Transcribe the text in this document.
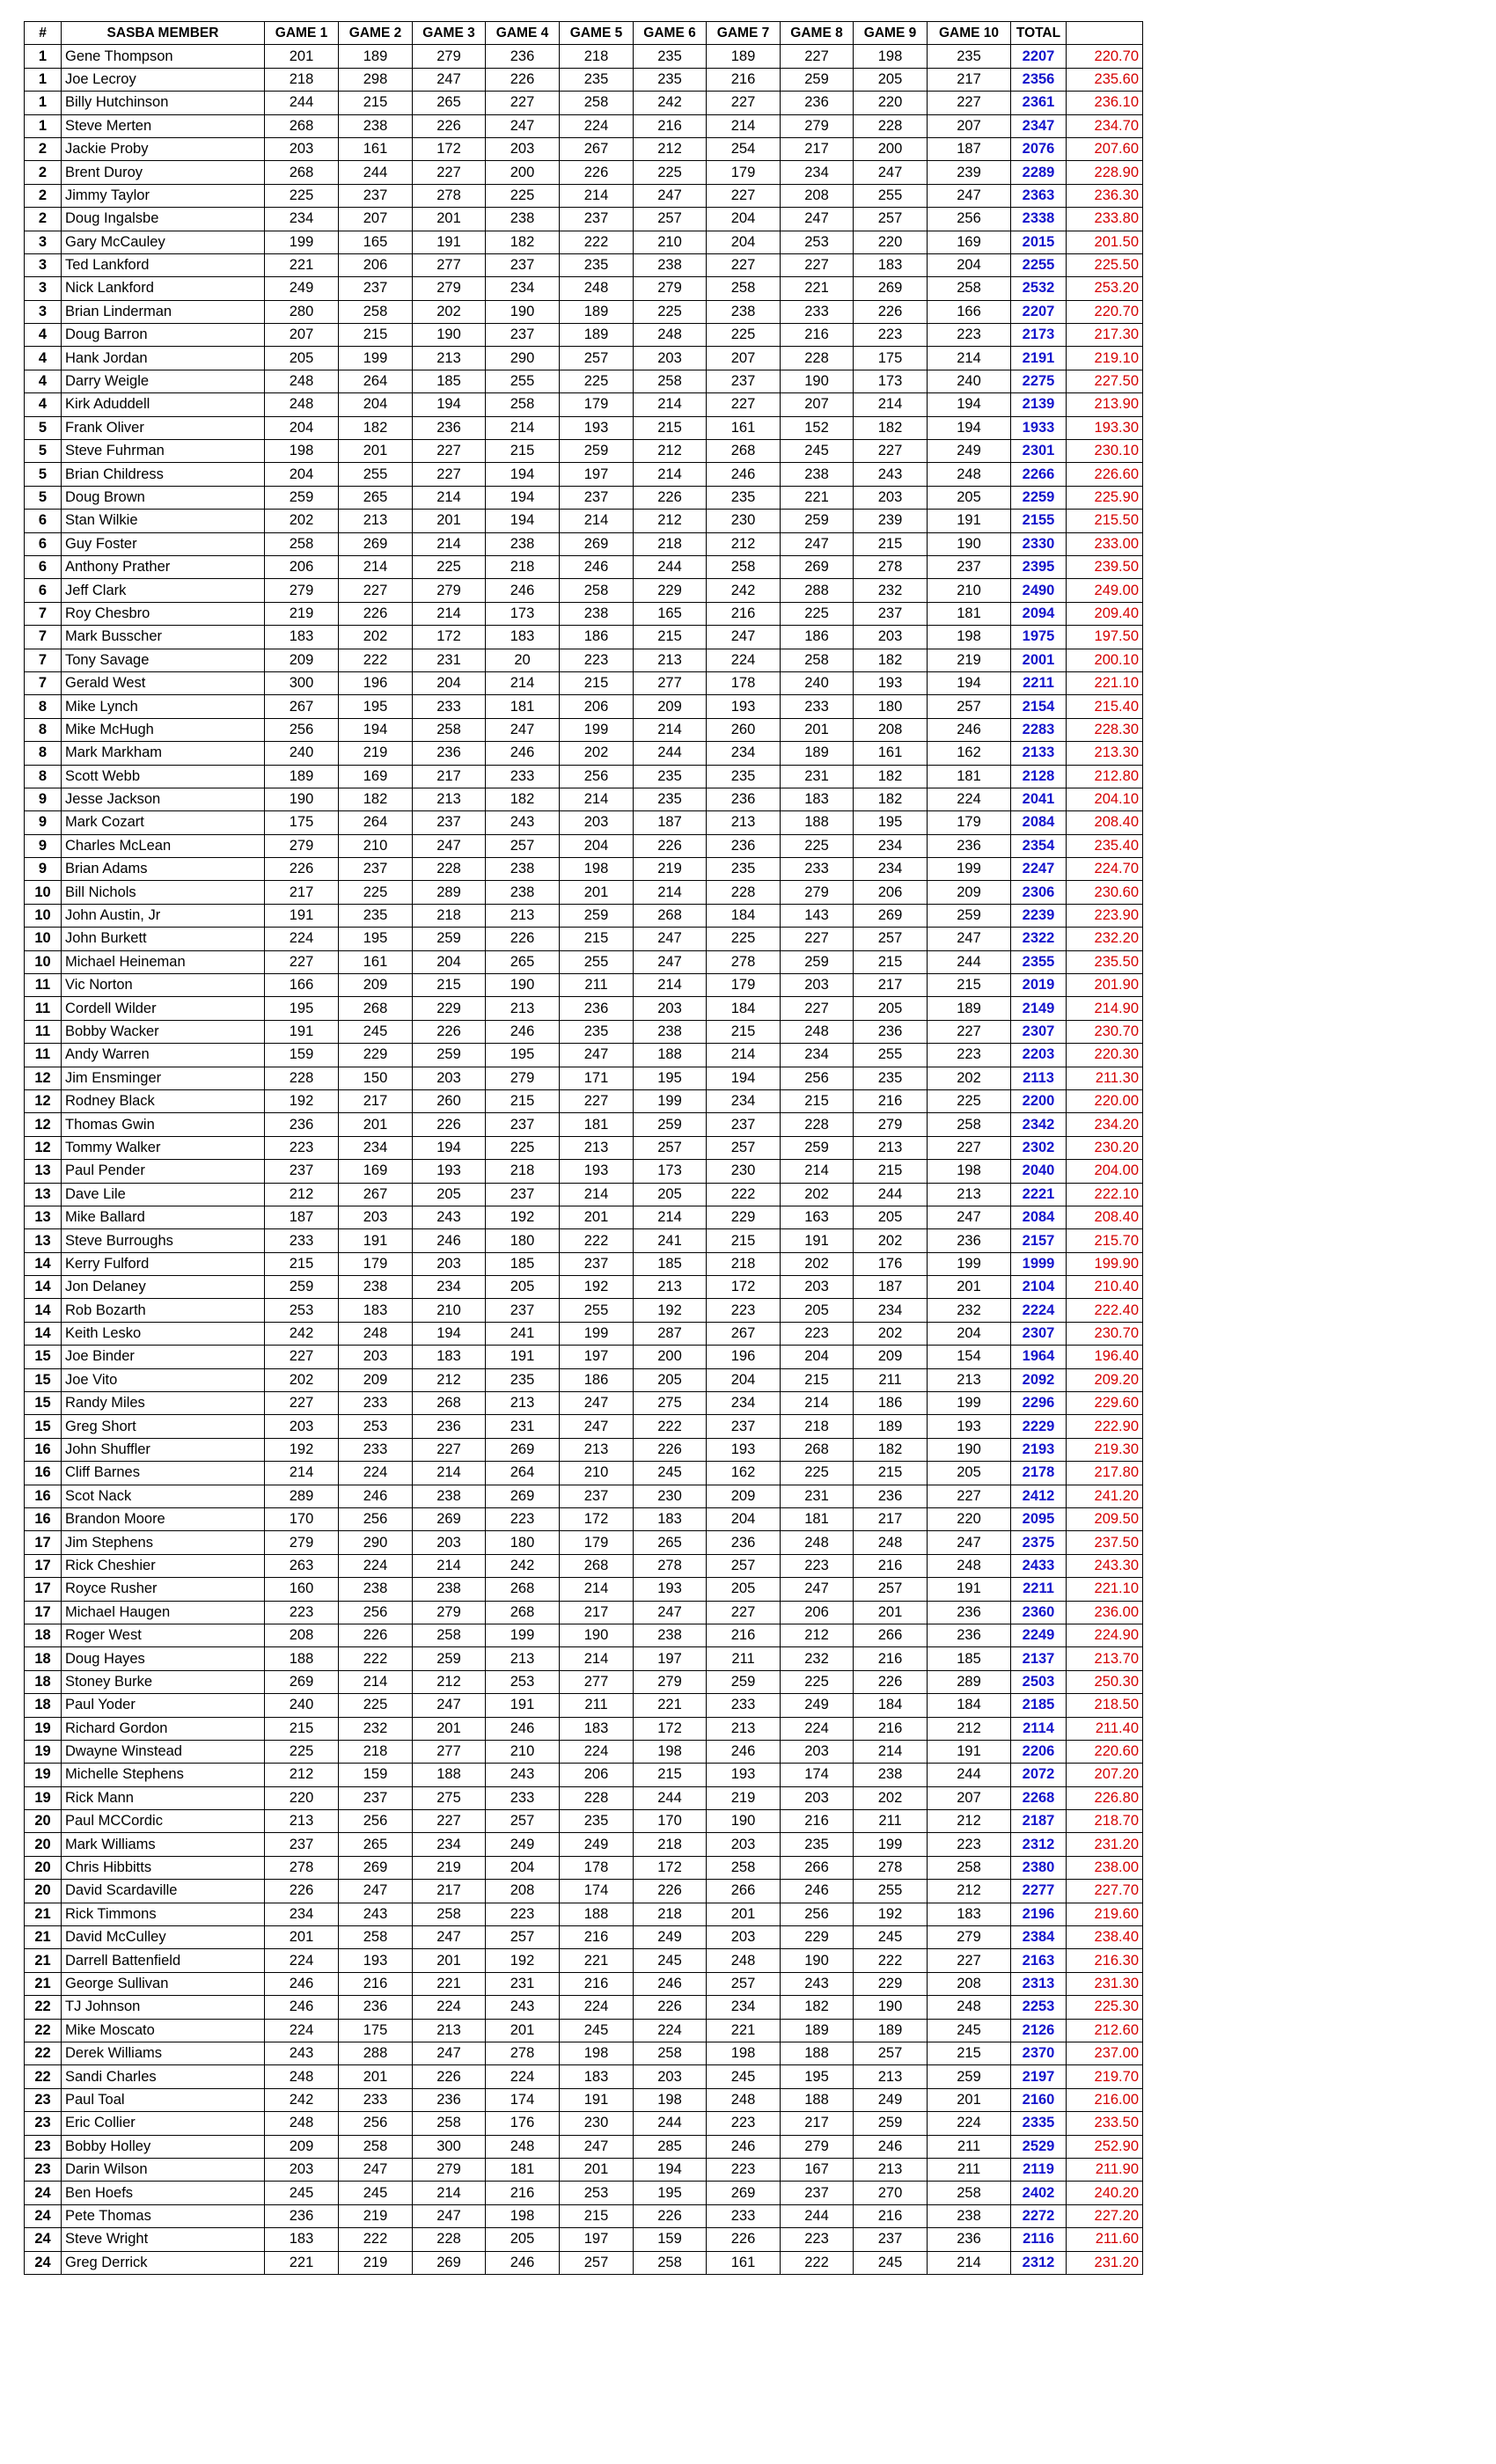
#	SASBA MEMBER	GAME 1	GAME 2	GAME 3	GAME 4	GAME 5	GAME 6	GAME 7	GAME 8	GAME 9	GAME 10	TOTAL	
1	Gene Thompson	201	189	279	236	218	235	189	227	198	235	2207	220.70
1	Joe Lecroy	218	298	247	226	235	235	216	259	205	217	2356	235.60
1	Billy Hutchinson	244	215	265	227	258	242	227	236	220	227	2361	236.10
1	Steve Merten	268	238	226	247	224	216	214	279	228	207	2347	234.70
2	Jackie Proby	203	161	172	203	267	212	254	217	200	187	2076	207.60
2	Brent Duroy	268	244	227	200	226	225	179	234	247	239	2289	228.90
2	Jimmy Taylor	225	237	278	225	214	247	227	208	255	247	2363	236.30
2	Doug Ingalsbe	234	207	201	238	237	257	204	247	257	256	2338	233.80
3	Gary McCauley	199	165	191	182	222	210	204	253	220	169	2015	201.50
3	Ted Lankford	221	206	277	237	235	238	227	227	183	204	2255	225.50
3	Nick Lankford	249	237	279	234	248	279	258	221	269	258	2532	253.20
3	Brian Linderman	280	258	202	190	189	225	238	233	226	166	2207	220.70
4	Doug Barron	207	215	190	237	189	248	225	216	223	223	2173	217.30
4	Hank Jordan	205	199	213	290	257	203	207	228	175	214	2191	219.10
4	Darry Weigle	248	264	185	255	225	258	237	190	173	240	2275	227.50
4	Kirk Aduddell	248	204	194	258	179	214	227	207	214	194	2139	213.90
5	Frank Oliver	204	182	236	214	193	215	161	152	182	194	1933	193.30
5	Steve Fuhrman	198	201	227	215	259	212	268	245	227	249	2301	230.10
5	Brian Childress	204	255	227	194	197	214	246	238	243	248	2266	226.60
5	Doug Brown	259	265	214	194	237	226	235	221	203	205	2259	225.90
6	Stan Wilkie	202	213	201	194	214	212	230	259	239	191	2155	215.50
6	Guy Foster	258	269	214	238	269	218	212	247	215	190	2330	233.00
6	Anthony Prather	206	214	225	218	246	244	258	269	278	237	2395	239.50
6	Jeff Clark	279	227	279	246	258	229	242	288	232	210	2490	249.00
7	Roy Chesbro	219	226	214	173	238	165	216	225	237	181	2094	209.40
7	Mark Busscher	183	202	172	183	186	215	247	186	203	198	1975	197.50
7	Tony Savage	209	222	231	20	223	213	224	258	182	219	2001	200.10
7	Gerald West	300	196	204	214	215	277	178	240	193	194	2211	221.10
8	Mike Lynch	267	195	233	181	206	209	193	233	180	257	2154	215.40
8	Mike McHugh	256	194	258	247	199	214	260	201	208	246	2283	228.30
8	Mark Markham	240	219	236	246	202	244	234	189	161	162	2133	213.30
8	Scott Webb	189	169	217	233	256	235	235	231	182	181	2128	212.80
9	Jesse Jackson	190	182	213	182	214	235	236	183	182	224	2041	204.10
9	Mark Cozart	175	264	237	243	203	187	213	188	195	179	2084	208.40
9	Charles McLean	279	210	247	257	204	226	236	225	234	236	2354	235.40
9	Brian Adams	226	237	228	238	198	219	235	233	234	199	2247	224.70
10	Bill Nichols	217	225	289	238	201	214	228	279	206	209	2306	230.60
10	John Austin, Jr	191	235	218	213	259	268	184	143	269	259	2239	223.90
10	John Burkett	224	195	259	226	215	247	225	227	257	247	2322	232.20
10	Michael Heineman	227	161	204	265	255	247	278	259	215	244	2355	235.50
11	Vic Norton	166	209	215	190	211	214	179	203	217	215	2019	201.90
11	Cordell Wilder	195	268	229	213	236	203	184	227	205	189	2149	214.90
11	Bobby Wacker	191	245	226	246	235	238	215	248	236	227	2307	230.70
11	Andy Warren	159	229	259	195	247	188	214	234	255	223	2203	220.30
12	Jim Ensminger	228	150	203	279	171	195	194	256	235	202	2113	211.30
12	Rodney Black	192	217	260	215	227	199	234	215	216	225	2200	220.00
12	Thomas Gwin	236	201	226	237	181	259	237	228	279	258	2342	234.20
12	Tommy Walker	223	234	194	225	213	257	257	259	213	227	2302	230.20
13	Paul Pender	237	169	193	218	193	173	230	214	215	198	2040	204.00
13	Dave Lile	212	267	205	237	214	205	222	202	244	213	2221	222.10
13	Mike Ballard	187	203	243	192	201	214	229	163	205	247	2084	208.40
13	Steve Burroughs	233	191	246	180	222	241	215	191	202	236	2157	215.70
14	Kerry Fulford	215	179	203	185	237	185	218	202	176	199	1999	199.90
14	Jon Delaney	259	238	234	205	192	213	172	203	187	201	2104	210.40
14	Rob Bozarth	253	183	210	237	255	192	223	205	234	232	2224	222.40
14	Keith Lesko	242	248	194	241	199	287	267	223	202	204	2307	230.70
15	Joe Binder	227	203	183	191	197	200	196	204	209	154	1964	196.40
15	Joe Vito	202	209	212	235	186	205	204	215	211	213	2092	209.20
15	Randy Miles	227	233	268	213	247	275	234	214	186	199	2296	229.60
15	Greg Short	203	253	236	231	247	222	237	218	189	193	2229	222.90
16	John Shuffler	192	233	227	269	213	226	193	268	182	190	2193	219.30
16	Cliff Barnes	214	224	214	264	210	245	162	225	215	205	2178	217.80
16	Scot Nack	289	246	238	269	237	230	209	231	236	227	2412	241.20
16	Brandon Moore	170	256	269	223	172	183	204	181	217	220	2095	209.50
17	Jim Stephens	279	290	203	180	179	265	236	248	248	247	2375	237.50
17	Rick Cheshier	263	224	214	242	268	278	257	223	216	248	2433	243.30
17	Royce Rusher	160	238	238	268	214	193	205	247	257	191	2211	221.10
17	Michael Haugen	223	256	279	268	217	247	227	206	201	236	2360	236.00
18	Roger West	208	226	258	199	190	238	216	212	266	236	2249	224.90
18	Doug Hayes	188	222	259	213	214	197	211	232	216	185	2137	213.70
18	Stoney Burke	269	214	212	253	277	279	259	225	226	289	2503	250.30
18	Paul Yoder	240	225	247	191	211	221	233	249	184	184	2185	218.50
19	Richard Gordon	215	232	201	246	183	172	213	224	216	212	2114	211.40
19	Dwayne Winstead	225	218	277	210	224	198	246	203	214	191	2206	220.60
19	Michelle Stephens	212	159	188	243	206	215	193	174	238	244	2072	207.20
19	Rick Mann	220	237	275	233	228	244	219	203	202	207	2268	226.80
20	Paul MCCordic	213	256	227	257	235	170	190	216	211	212	2187	218.70
20	Mark Williams	237	265	234	249	249	218	203	235	199	223	2312	231.20
20	Chris Hibbitts	278	269	219	204	178	172	258	266	278	258	2380	238.00
20	David Scardaville	226	247	217	208	174	226	266	246	255	212	2277	227.70
21	Rick Timmons	234	243	258	223	188	218	201	256	192	183	2196	219.60
21	David McCulley	201	258	247	257	216	249	203	229	245	279	2384	238.40
21	Darrell Battenfield	224	193	201	192	221	245	248	190	222	227	2163	216.30
21	George Sullivan	246	216	221	231	216	246	257	243	229	208	2313	231.30
22	TJ Johnson	246	236	224	243	224	226	234	182	190	248	2253	225.30
22	Mike Moscato	224	175	213	201	245	224	221	189	189	245	2126	212.60
22	Derek Williams	243	288	247	278	198	258	198	188	257	215	2370	237.00
22	Sandi Charles	248	201	226	224	183	203	245	195	213	259	2197	219.70
23	Paul Toal	242	233	236	174	191	198	248	188	249	201	2160	216.00
23	Eric Collier	248	256	258	176	230	244	223	217	259	224	2335	233.50
23	Bobby Holley	209	258	300	248	247	285	246	279	246	211	2529	252.90
23	Darin Wilson	203	247	279	181	201	194	223	167	213	211	2119	211.90
24	Ben Hoefs	245	245	214	216	253	195	269	237	270	258	2402	240.20
24	Pete Thomas	236	219	247	198	215	226	233	244	216	238	2272	227.20
24	Steve Wright	183	222	228	205	197	159	226	223	237	236	2116	211.60
24	Greg Derrick	221	219	269	246	257	258	161	222	245	214	2312	231.20
